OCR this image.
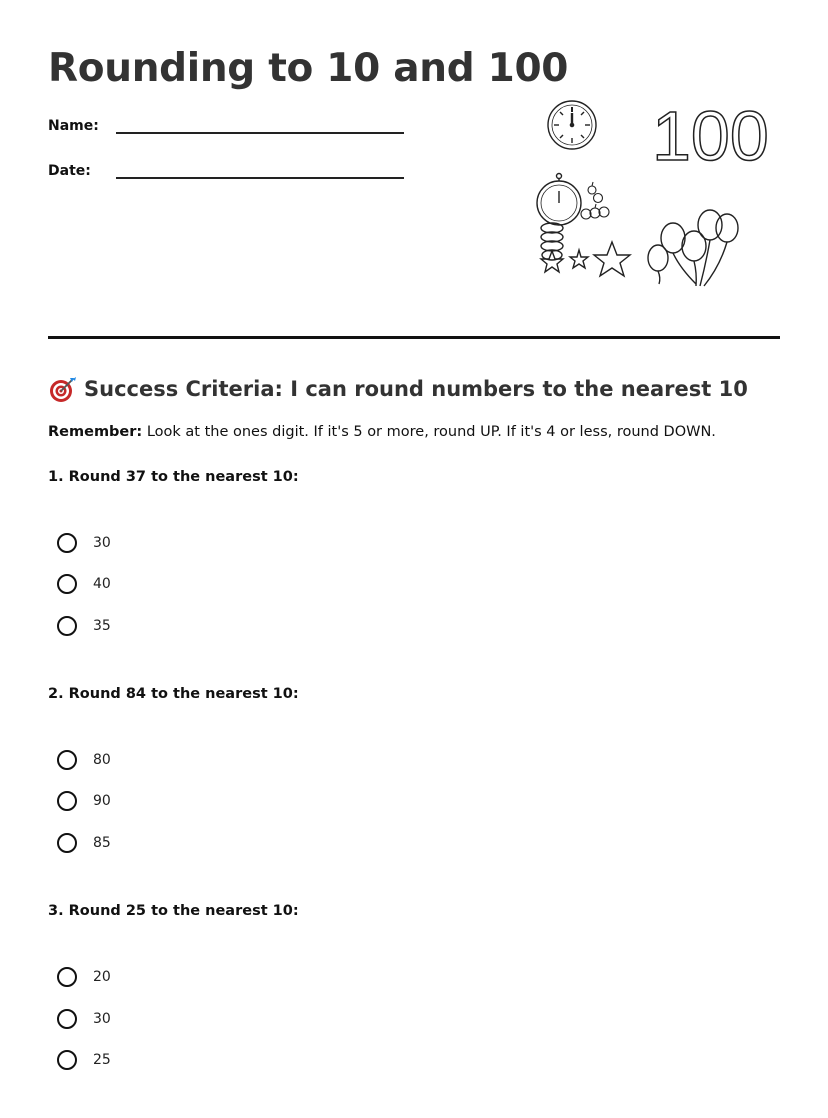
Rounding to 10 and 100
Name:
Date:	100
Success Criteria: I can round numbers to the nearest 10
Remember: Look at the ones digit. If it's 5 or more, round UP. If it's 4 or less, round DOWN.
1. Round 37 to the nearest 10:
30
40
35
2. Round 84 to the nearest 10:
80
90
85
3. Round 25 to the nearest 10:
20
30
25
